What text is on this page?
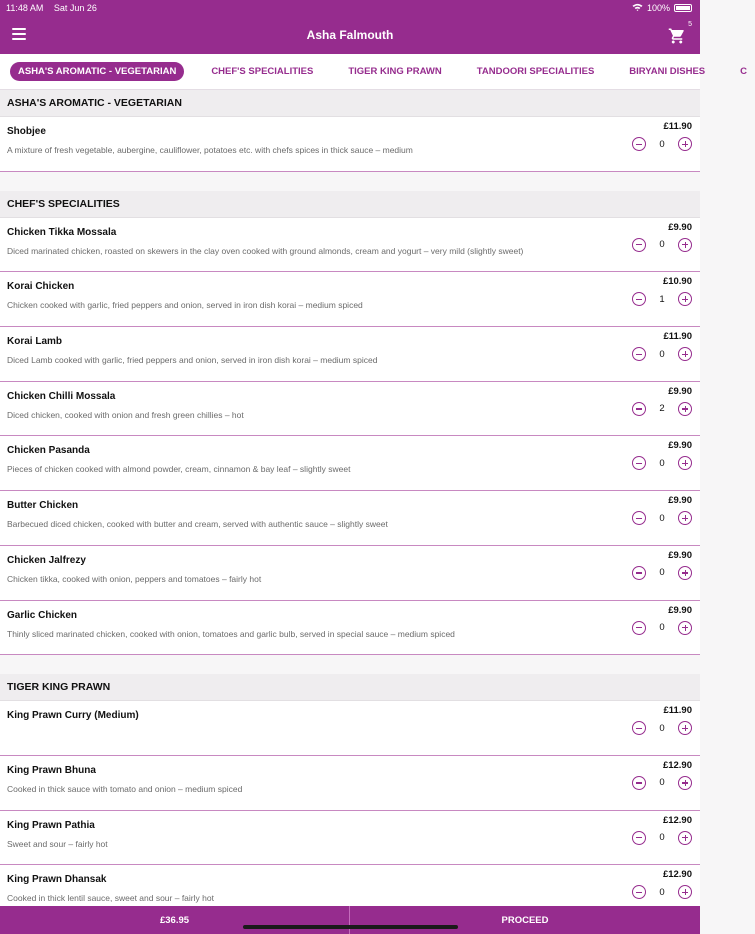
11:48 AM Sat Jun 26	100%
Asha Falmouth
5
ASHA'S AROMATIC - VEGETARIAN	CHEF'S SPECIALITIES	TIGER KING PRAWN	TANDOORI SPECIALITIES	BIRYANI DISHES	C
ASHA'S AROMATIC - VEGETARIAN
Shobjee
A mixture of fresh vegetable, aubergine, cauliflower, potatoes etc. with chefs spices in thick sauce – medium
£11.90
0
CHEF'S SPECIALITIES
Chicken Tikka Mossala
Diced marinated chicken, roasted on skewers in the clay oven cooked with ground almonds, cream and yogurt – very mild (slightly sweet)
£9.90
0
Korai Chicken
Chicken cooked with garlic, fried peppers and onion, served in iron dish korai – medium spiced
£10.90
1
Korai Lamb
Diced Lamb cooked with garlic, fried peppers and onion, served in iron dish korai – medium spiced
£11.90
0
Chicken Chilli Mossala
Diced chicken, cooked with onion and fresh green chillies – hot
£9.90
2
Chicken Pasanda
Pieces of chicken cooked with almond powder, cream, cinnamon & bay leaf – slightly sweet
£9.90
0
Butter Chicken
Barbecued diced chicken, cooked with butter and cream, served with authentic sauce – slightly sweet
£9.90
0
Chicken Jalfrezy
Chicken tikka, cooked with onion, peppers and tomatoes – fairly hot
£9.90
0
Garlic Chicken
Thinly sliced marinated chicken, cooked with onion, tomatoes and garlic bulb, served in special sauce – medium spiced
£9.90
0
TIGER KING PRAWN
King Prawn Curry (Medium)	£11.90
0
King Prawn Bhuna
Cooked in thick sauce with tomato and onion – medium spiced
£12.90
0
King Prawn Pathia
Sweet and sour – fairly hot
£12.90
0
King Prawn Dhansak
Cooked in thick lentil sauce, sweet and sour – fairly hot
£12.90
0
£36.95	PROCEED
